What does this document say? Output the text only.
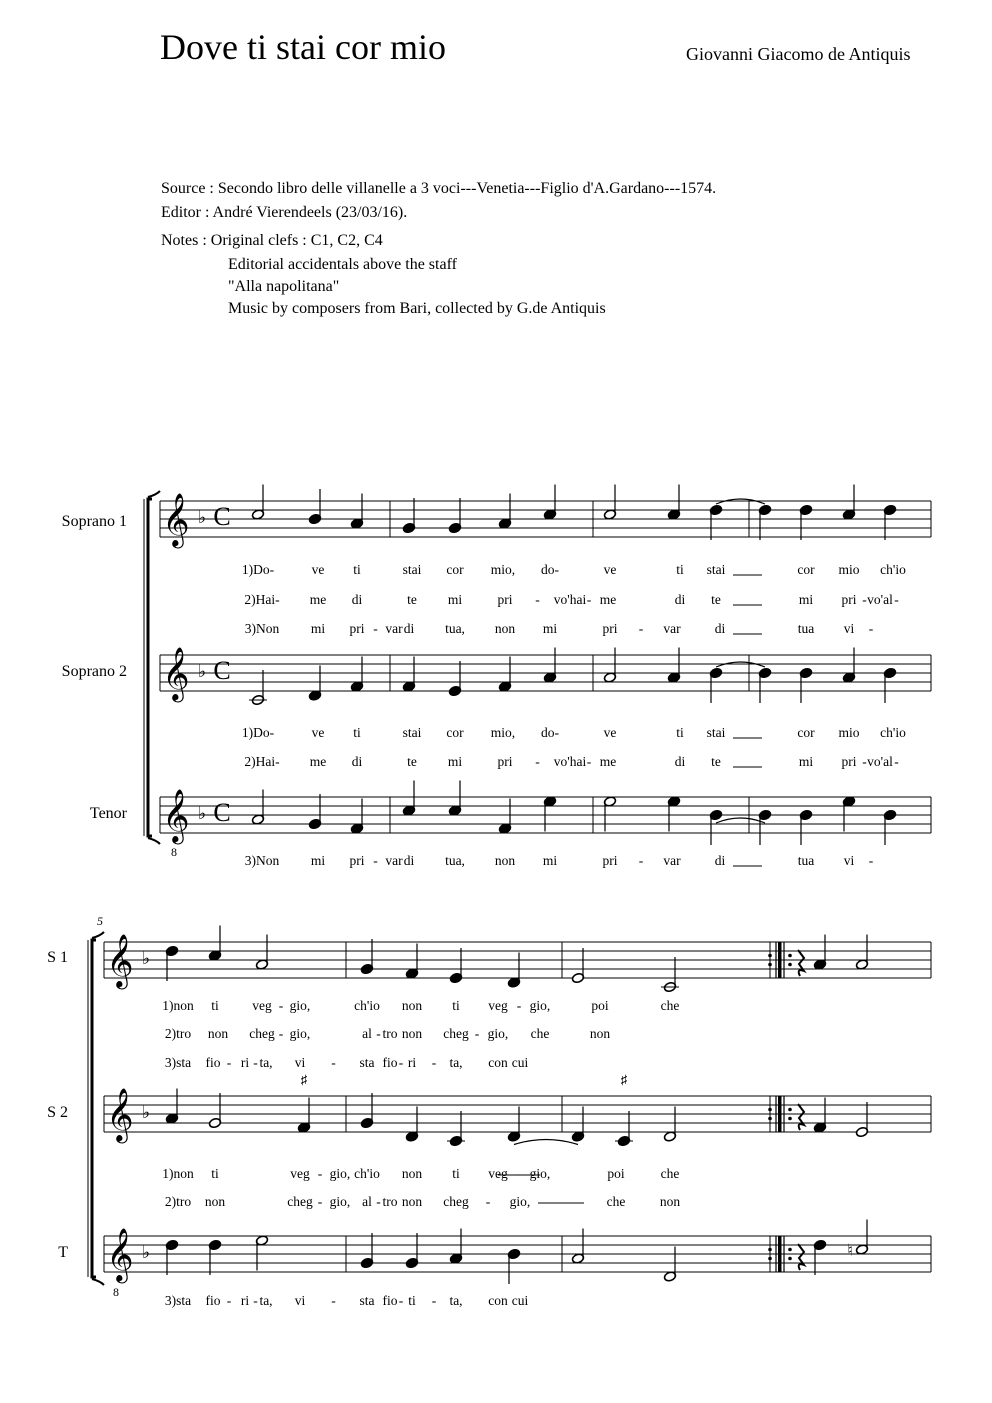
Dove ti stai cor mio	Giovanni Giacomo de Antiquis
Source : Secondo libro delle villanelle a 3 voci---Venetia---Figlio d'A.Gardano---1574.
Editor : André Vierendeels (23/03/16).
Notes : Original clefs : C1, C2, C4
Editorial accidentals above the staff
"Alla napolitana"
Music by composers from Bari, collected by G.de Antiquis
Soprano 1
Soprano 2
Tenor
S 1
S 2
T
𝄞 ♭
𝄞 ♭
𝄞 ♭
C
C
C
8
1)Do-	ve ti	stai cor mio, do-	ve	ti stai	cor mio ch'io
2)Hai- me di	te mi	pri - vo'hai - me	di te	mi pri - vo'al -
3)Non mi pri - var di tua, non mi	pri - var	di	tua vi -
1)Do-	ve ti	stai cor mio, do-	ve	ti stai	cor mio ch'io
2)Hai- me di	te mi	pri - vo'hai - me	di te	mi pri - vo'al -
3)Non mi pri - var di tua, non mi	pri - var	di	tua vi -
𝄞 ♭
𝄞 ♭
𝄞 ♭
5
8
♯	♯
♮
1)non ti veg - gio,	ch'io non ti veg - gio,	poi	che
2)tro non cheg - gio,	al - tro non cheg - gio, che	non
3)sta fio - ri - ta, vi - sta fio - ri - ta, con cui
1)non ti	veg - gio, ch'io non ti veg - gio,	poi	che
2)tro non	cheg - gio, al - tro non cheg - gio,	che	non
3)sta fio - ri - ta, vi - sta fio - ti - ta, con cui
